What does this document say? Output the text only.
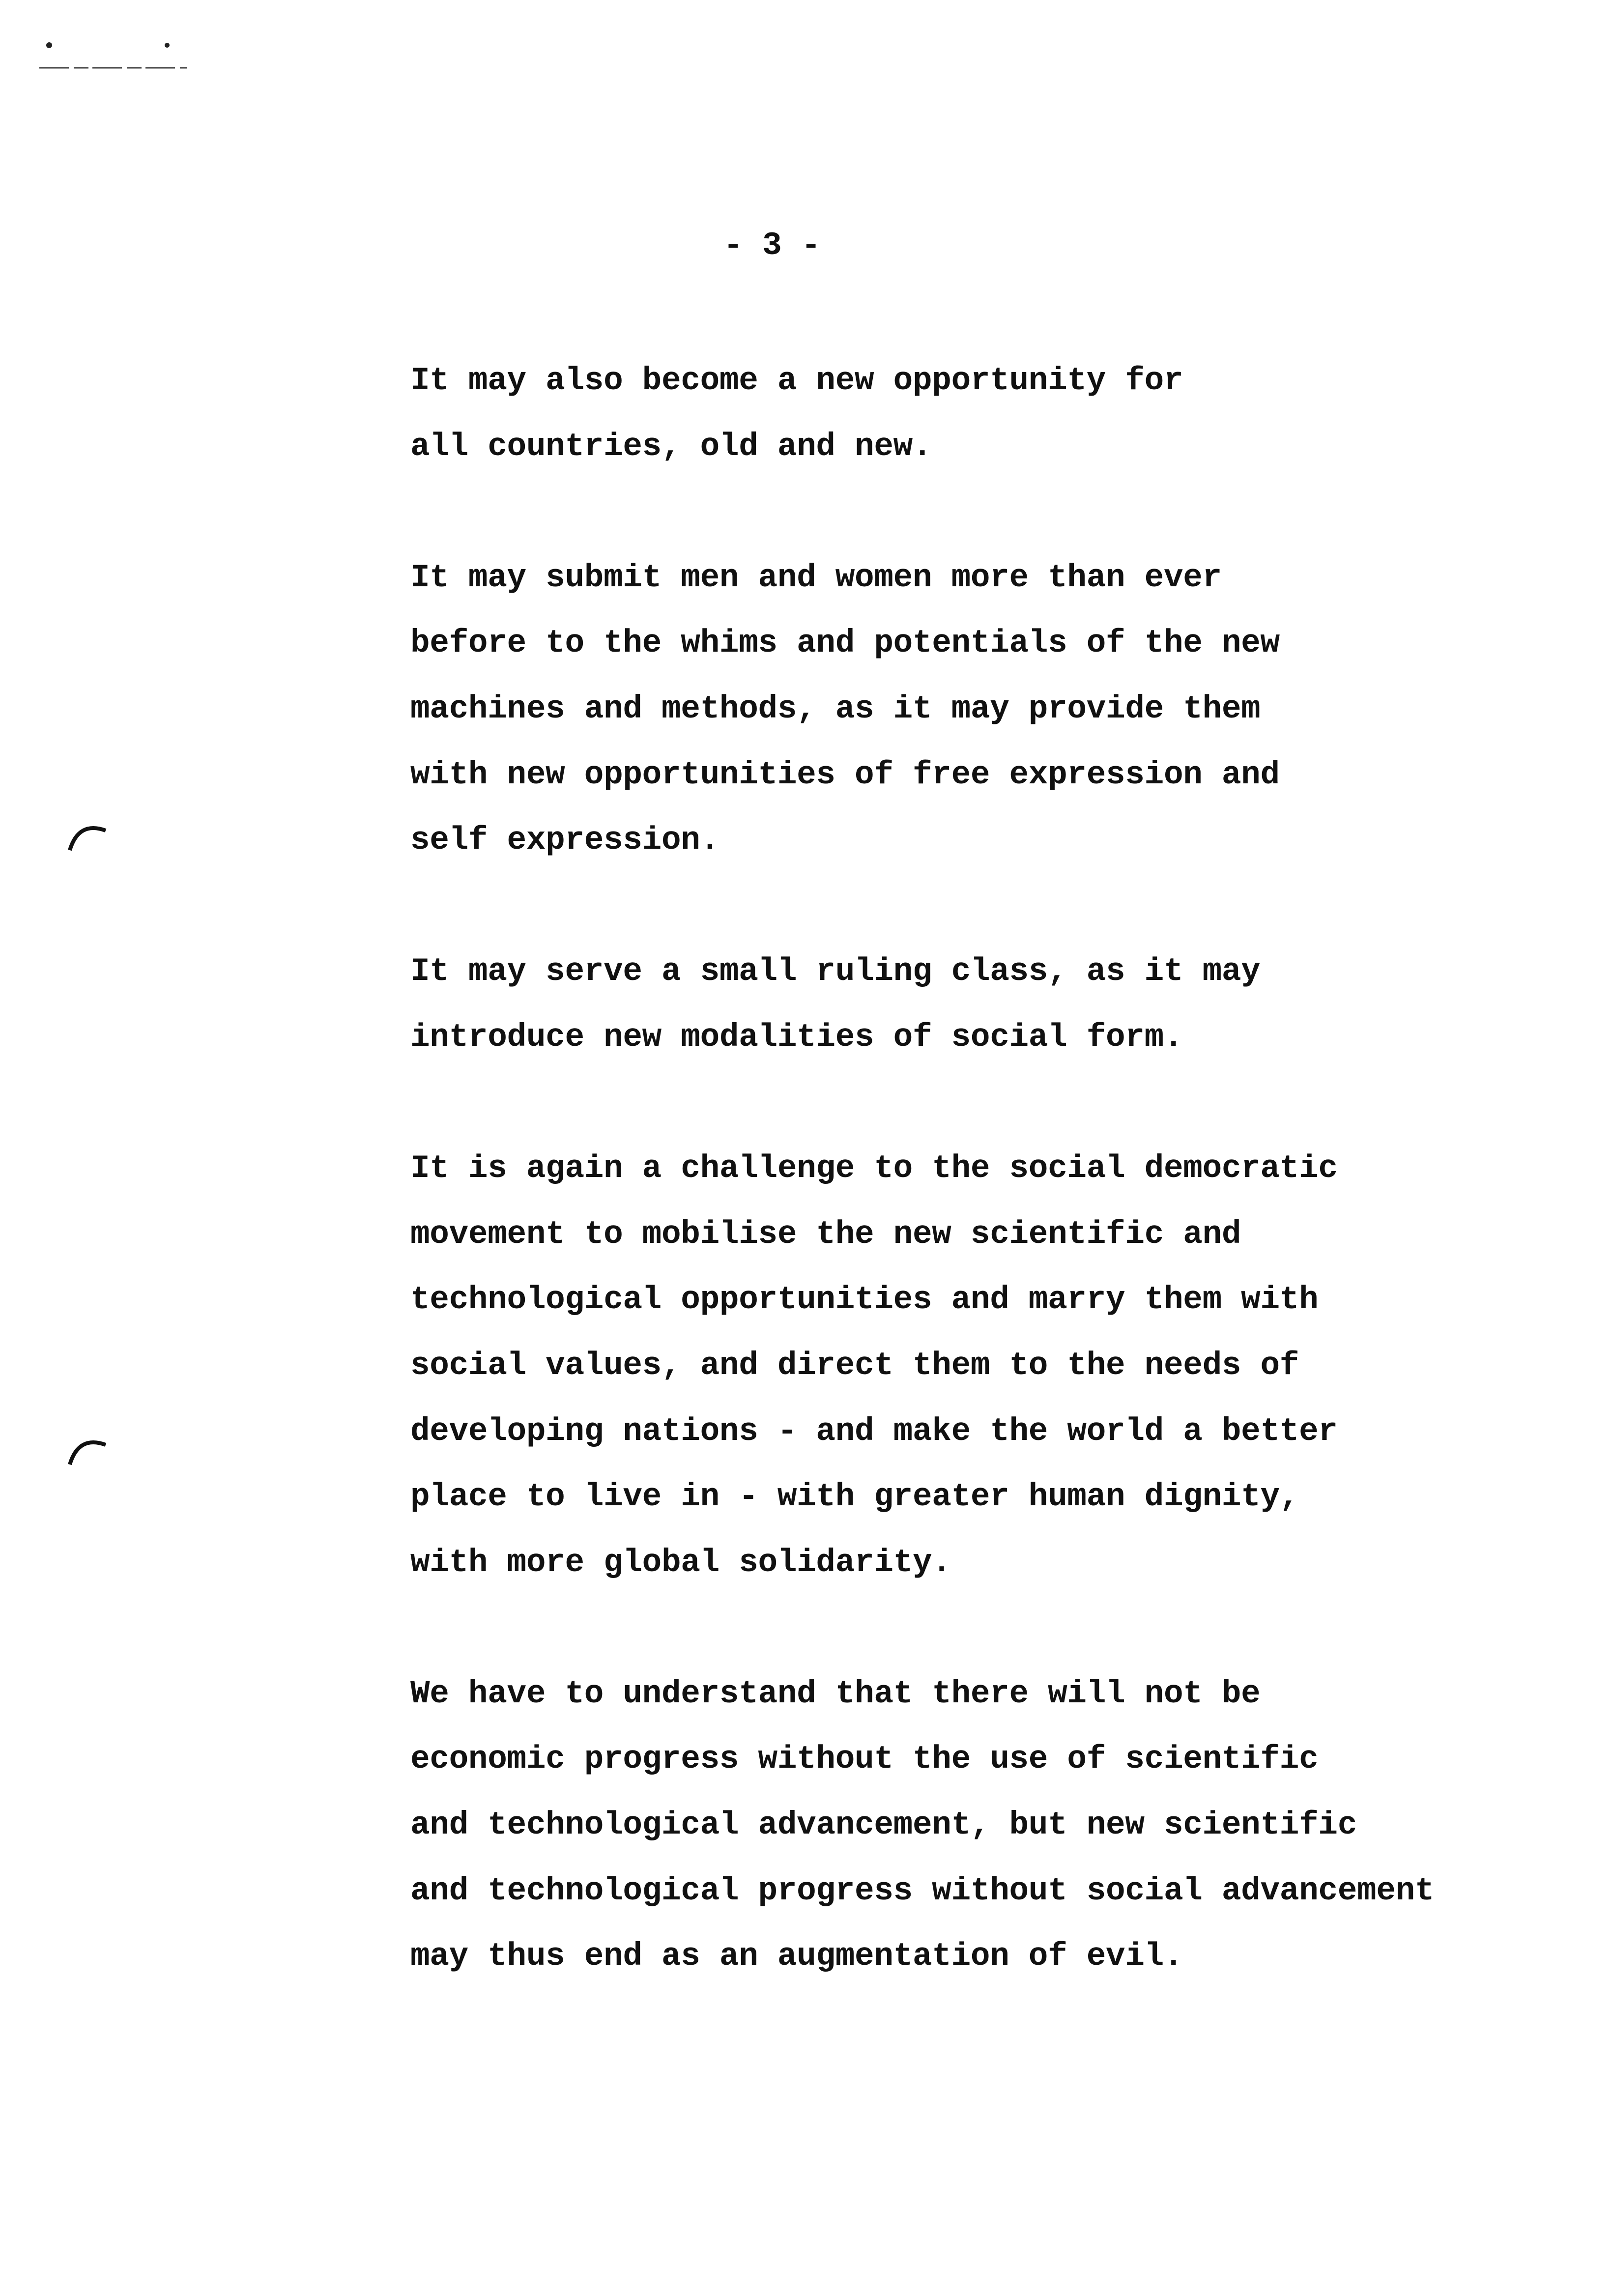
- 3 -
It may also become a new opportunity for
all countries, old and new.
It may submit men and women more than ever
before to the whims and potentials of the new
machines and methods, as it may provide them
with new opportunities of free expression and
self expression.
It may serve a small ruling class, as it may
introduce new modalities of social form.
It is again a challenge to the social democratic
movement to mobilise the new scientific and
technological opportunities and marry them with
social values, and direct them to the needs of
developing nations - and make the world a better
place to live in - with greater human dignity,
with more global solidarity.
We have to understand that there will not be
economic progress without the use of scientific
and technological advancement, but new scientific
and technological progress without social advancement
may thus end as an augmentation of evil.
